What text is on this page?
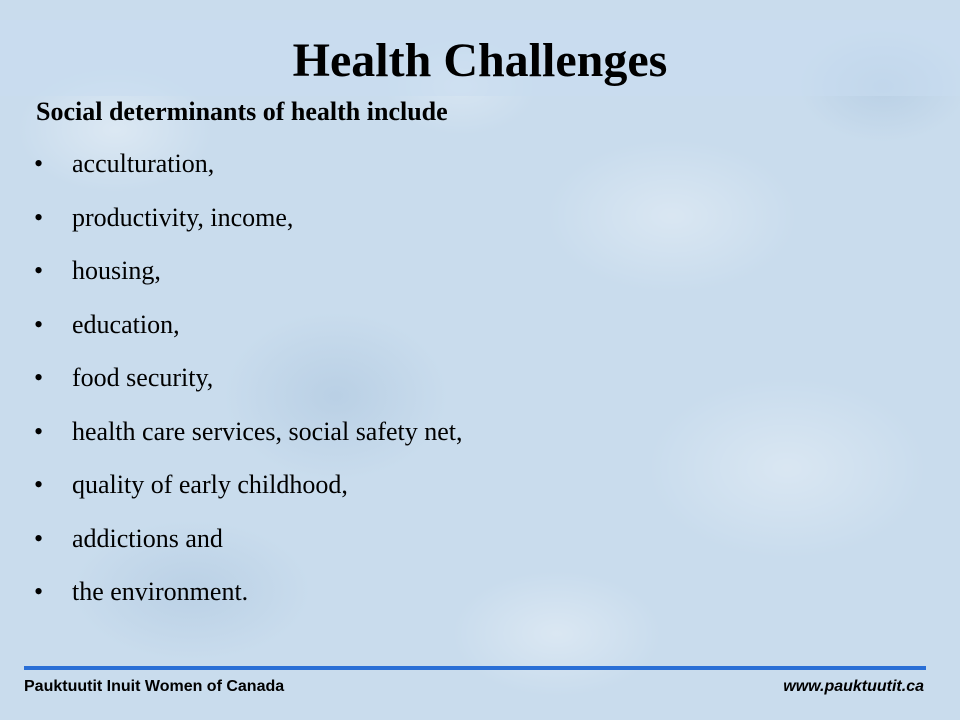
Health Challenges

Social determinants of health include

• acculturation,
• productivity, income,
• housing,
• education,
• food security,
• health care services, social safety net,
• quality of early childhood,
• addictions and
• the environment.
Pauktuutit Inuit Women of Canada	www.pauktuutit.ca
